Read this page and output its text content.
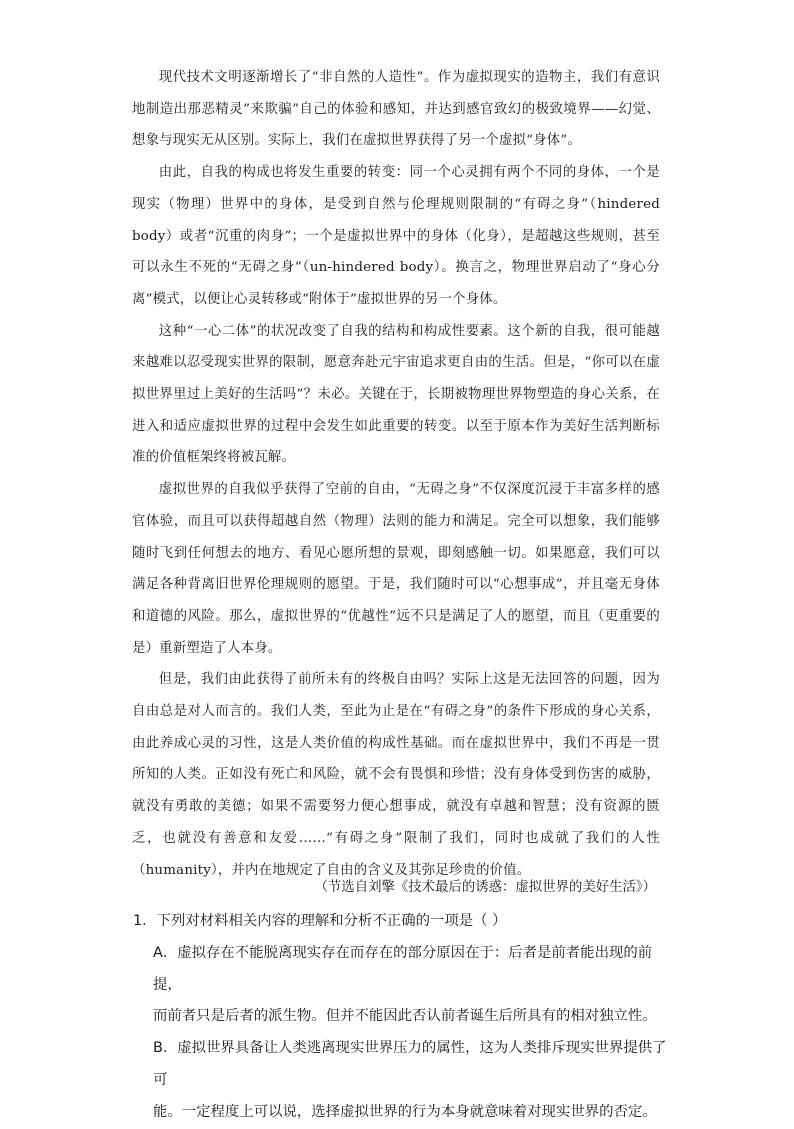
现代技术文明逐渐增长了“非自然的人造性”。作为虚拟现实的造物主，我们有意识地制造出那恶精灵”来欺骗”自己的体验和感知，并达到感官致幻的极致境界——幻觉、想象与现实无从区别。实际上，我们在虚拟世界获得了另一个虚拟“身体”。

由此，自我的构成也将发生重要的转变：同一个心灵拥有两个不同的身体，一个是现实（物理）世界中的身体，是受到自然与伦理规则限制的“有碍之身”（hindered body）或者“沉重的肉身”；一个是虚拟世界中的身体（化身），是超越这些规则，甚至可以永生不死的“无碍之身”（un-hindered body）。换言之，物理世界启动了“身心分离”模式，以便让心灵转移或“附体于”虚拟世界的另一个身体。

这种“一心二体”的状况改变了自我的结构和构成性要素。这个新的自我，很可能越来越难以忍受现实世界的限制，愿意奔赴元宇宙追求更自由的生活。但是，“你可以在虚拟世界里过上美好的生活吗”？未必。关键在于，长期被物理世界物塑造的身心关系，在进入和适应虚拟世界的过程中会发生如此重要的转变。以至于原本作为美好生活判断标准的价值框架终将被瓦解。

虚拟世界的自我似乎获得了空前的自由，“无碍之身”不仅深度沉浸于丰富多样的感官体验，而且可以获得超越自然（物理）法则的能力和满足。完全可以想象，我们能够随时飞到任何想去的地方、看见心愿所想的景观，即刻感触一切。如果愿意，我们可以满足各种背离旧世界伦理规则的愿望。于是，我们随时可以“心想事成”，并且毫无身体和道德的风险。那么，虚拟世界的“优越性”远不只是满足了人的愿望，而且（更重要的是）重新塑造了人本身。

但是，我们由此获得了前所未有的终极自由吗？实际上这是无法回答的问题，因为自由总是对人而言的。我们人类，至此为止是在“有碍之身”的条件下形成的身心关系，由此养成心灵的习性，这是人类价值的构成性基础。而在虚拟世界中，我们不再是一贯所知的人类。正如没有死亡和风险，就不会有畏惧和珍惜；没有身体受到伤害的威胁，就没有勇敢的美德；如果不需要努力便心想事成，就没有卓越和智慧；没有资源的匮乏，也就没有善意和友爱……“有碍之身”限制了我们，同时也成就了我们的人性（humanity），并内在地规定了自由的含义及其弥足珍贵的价值。

（节选自刘擎《技术最后的诱惑：虚拟世界的美好生活》）

1．下列对材料相关内容的理解和分析不正确的一项是（ ）

A．虚拟存在不能脱离现实存在而存在的部分原因在于：后者是前者能出现的前提，

而前者只是后者的派生物。但并不能因此否认前者诞生后所具有的相对独立性。

B．虚拟世界具备让人类逃离现实世界压力的属性，这为人类排斥现实世界提供了可

能。一定程度上可以说，选择虚拟世界的行为本身就意味着对现实世界的否定。
